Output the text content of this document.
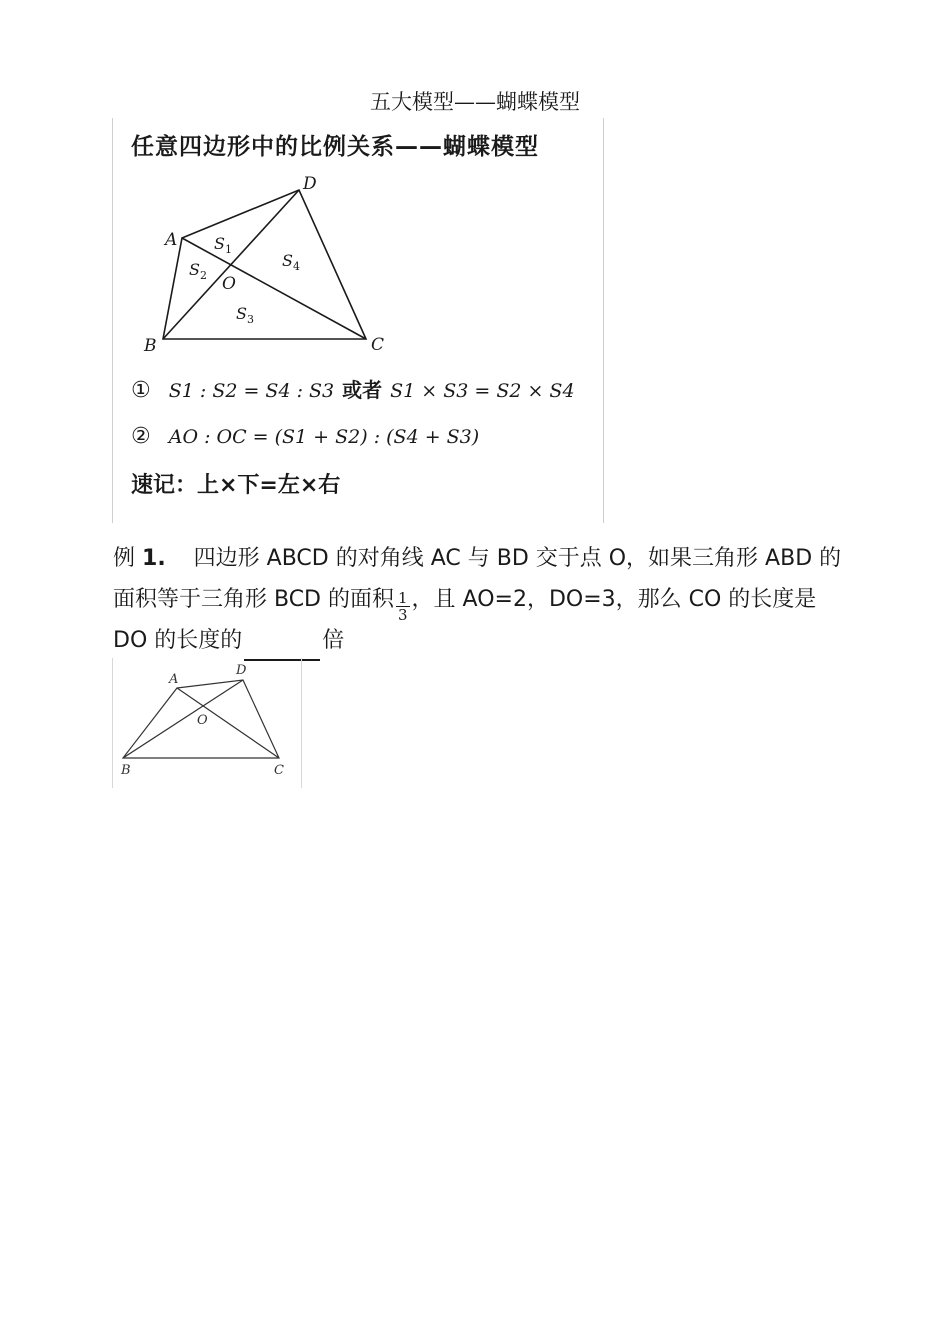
五大模型——蝴蝶模型
任意四边形中的比例关系——蝴蝶模型
A
D
B	C
O
$S_1$
$S_2$
$S_3$
$S_4$
① S1 : S2 = S4 : S3 或者 S1 × S3 = S2 × S4
② AO : OC = (S1 + S2) : (S4 + S3)
速记：上×下=左×右
例 1. 四边形 ABCD 的对角线 AC 与 BD 交于点 O，如果三角形 ABD 的面积等于三角形 BCD 的面积 $\frac{1}{3}$ ，且 AO=2，DO=3，那么 CO 的长度是 DO 的长度的	倍
A
D
B	C
O
